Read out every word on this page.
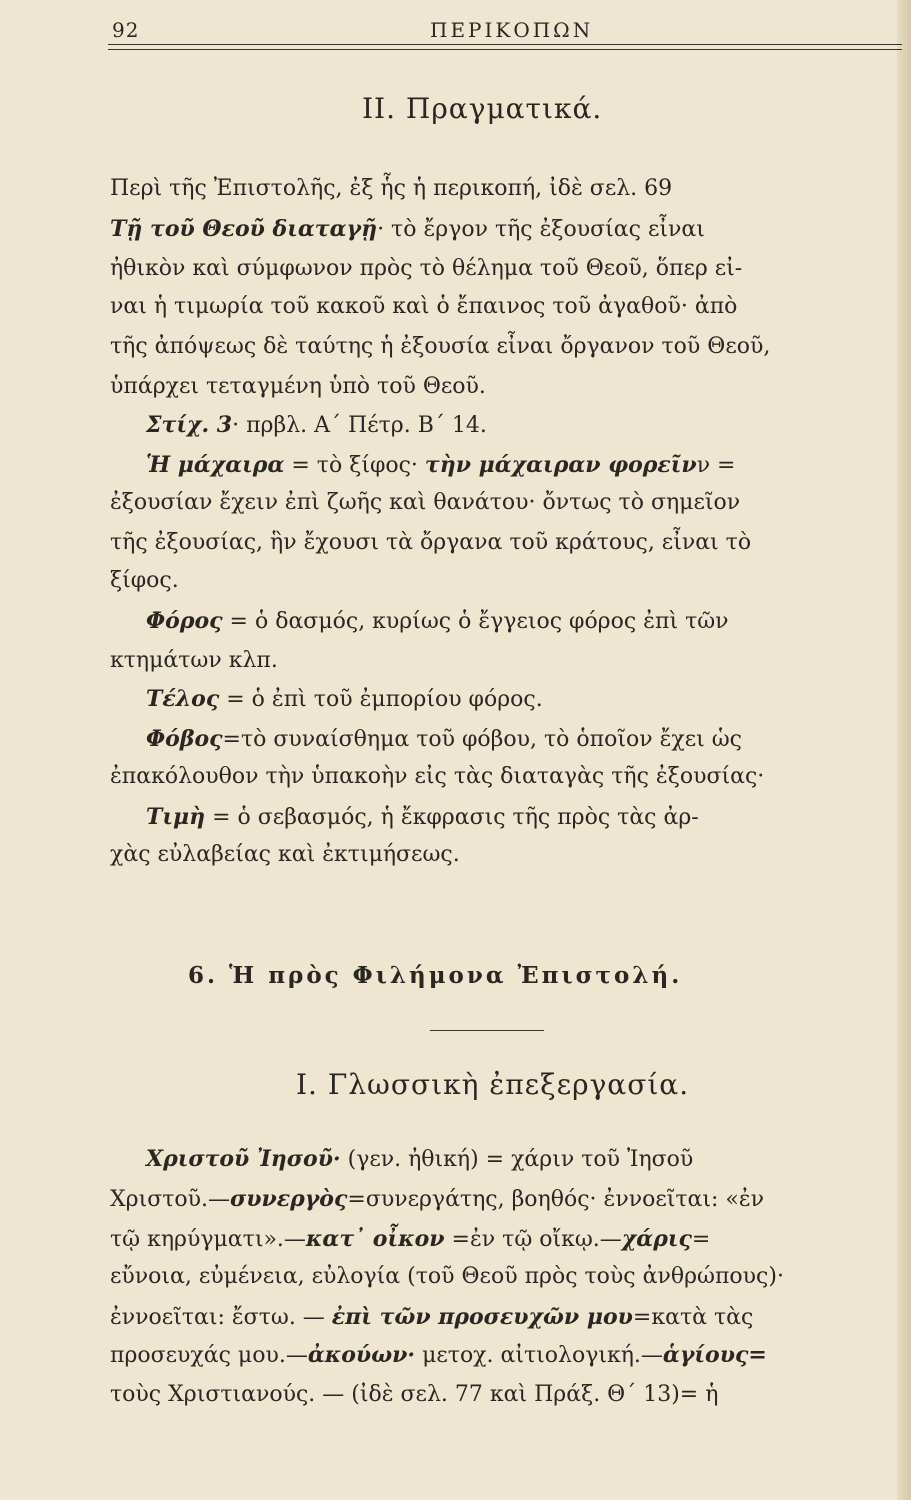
92	ΠΕΡΙΚΟΠΩΝ
II. Πραγματικά.
Περὶ τῆς Ἐπιστολῆς, ἐξ ἧς ἡ περικοπή, ἰδὲ σελ. 69
Τῇ τοῦ Θεοῦ διαταγῇ· τὸ ἔργον τῆς ἐξουσίας εἶναι
ἠθικὸν καὶ σύμφωνον πρὸς τὸ θέλημα τοῦ Θεοῦ, ὅπερ εἰ-
ναι ἡ τιμωρία τοῦ κακοῦ καὶ ὁ ἔπαινος τοῦ ἀγαθοῦ· ἀπὸ
τῆς ἀπόψεως δὲ ταύτης ἡ ἐξουσία εἶναι ὄργανον τοῦ Θεοῦ,
ὑπάρχει τεταγμένη ὑπὸ τοῦ Θεοῦ.
Στίχ. 3· πρβλ. Α΄ Πέτρ. Β΄ 14.
Ἡ μάχαιρα = τὸ ξίφος· τὴν μάχαιραν φορεῖνν =
ἐξουσίαν ἔχειν ἐπὶ ζωῆς καὶ θανάτου· ὄντως τὸ σημεῖον
τῆς ἐξουσίας, ἣν ἔχουσι τὰ ὄργανα τοῦ κράτους, εἶναι τὸ
ξίφος.
Φόρος = ὁ δασμός, κυρίως ὁ ἔγγειος φόρος ἐπὶ τῶν
κτημάτων κλπ.
Τέλος = ὁ ἐπὶ τοῦ ἐμπορίου φόρος.
Φόβος=τὸ συναίσθημα τοῦ φόβου, τὸ ὁποῖον ἔχει ὡς
ἐπακόλουθον τὴν ὑπακοὴν εἰς τὰς διαταγὰς τῆς ἐξουσίας·
Τιμὴ = ὁ σεβασμός, ἡ ἔκφρασις τῆς πρὸς τὰς ἀρ-
χὰς εὐλαβείας καὶ ἐκτιμήσεως.
6. Ἡ πρὸς Φιλήμονα Ἐπιστολή.
I. Γλωσσικὴ ἐπεξεργασία.
Χριστοῦ Ἰησοῦ· (γεν. ἠθική) = χάριν τοῦ Ἰησοῦ
Χριστοῦ.—συνεργὸς=συνεργάτης, βοηθός· ἐννοεῖται: «ἐν
τῷ κηρύγματι».—κατ᾿ οἶκον =ἐν τῷ οἴκῳ.—χάρις=
εὔνοια, εὐμένεια, εὐλογία (τοῦ Θεοῦ πρὸς τοὺς ἀνθρώπους)·
ἐννοεῖται: ἔστω. — ἐπὶ τῶν προσευχῶν μου=κατὰ τὰς
προσευχάς μου.—ἀκούων· μετοχ. αἰτιολογική.—ἁγίους=
τοὺς Χριστιανούς. — (ἰδὲ σελ. 77 καὶ Πράξ. Θ΄ 13)= ἡ
